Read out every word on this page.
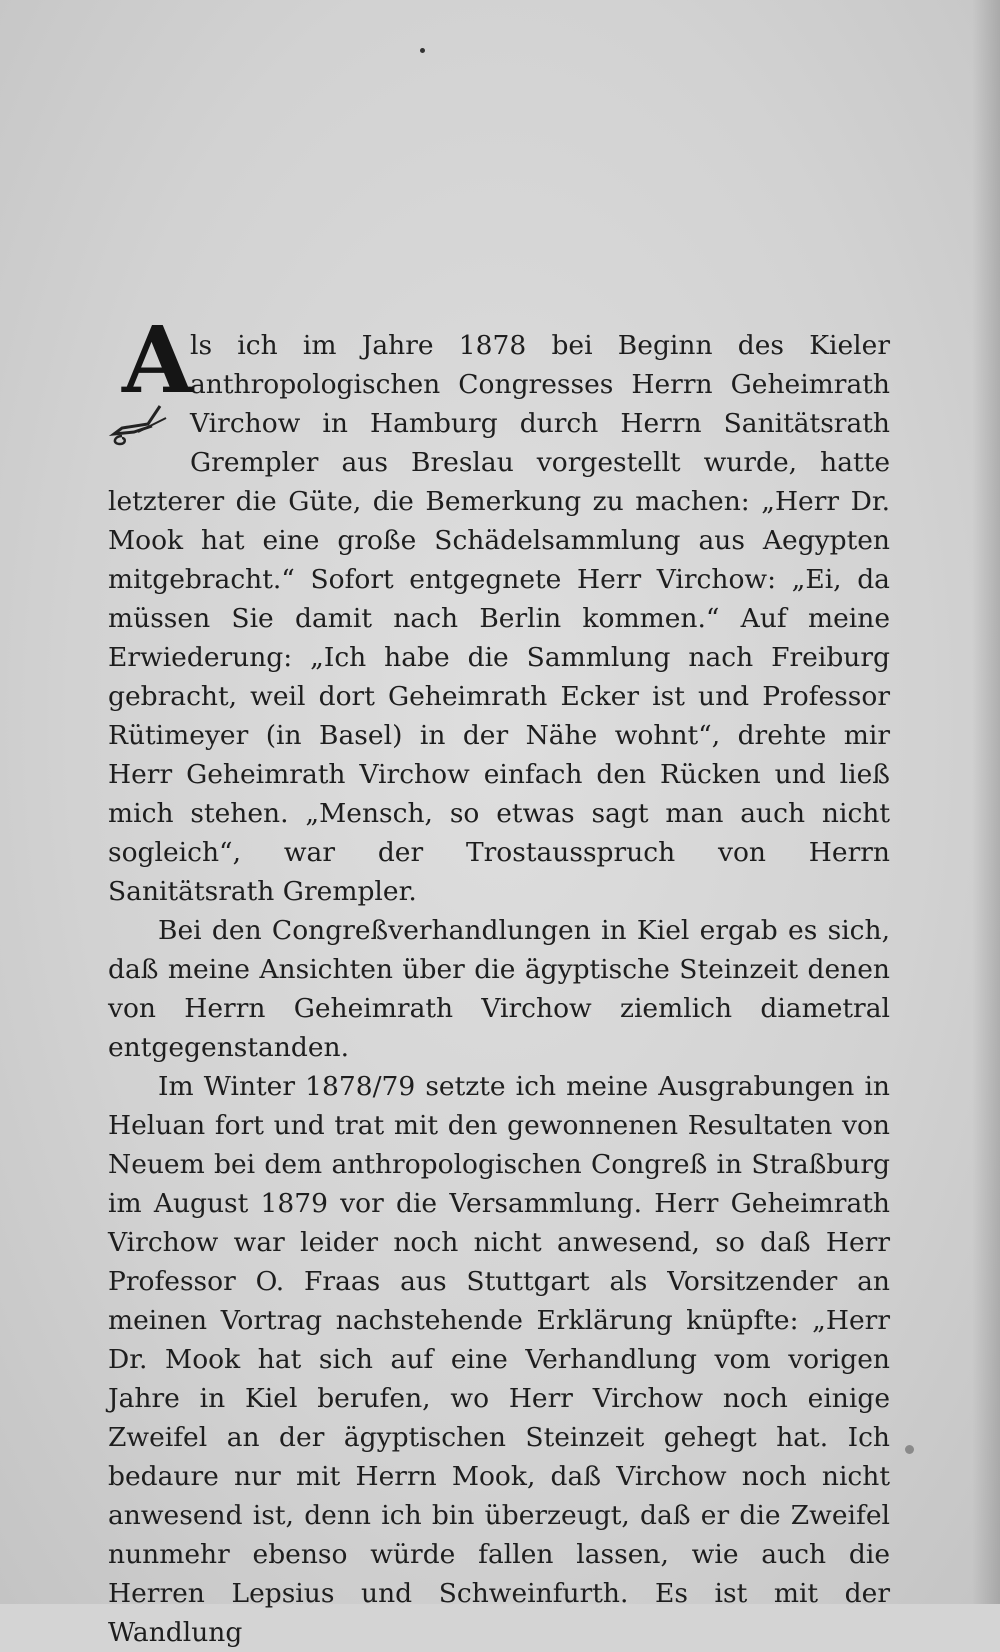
A
ls ich im Jahre 1878 bei Beginn des Kieler anthropologischen Congresses Herrn Geheimrath Virchow in Hamburg durch Herrn Sanitätsrath Grempler aus Breslau vorgestellt wurde, hatte letzterer die Güte, die Bemerkung zu machen: „Herr Dr. Mook hat eine große Schädelsammlung aus Aegypten mitgebracht.“ Sofort entgegnete Herr Virchow: „Ei, da müssen Sie damit nach Berlin kommen.“ Auf meine Erwiederung: „Ich habe die Sammlung nach Freiburg gebracht, weil dort Geheimrath Ecker ist und Professor Rütimeyer (in Basel) in der Nähe wohnt“, drehte mir Herr Geheimrath Virchow einfach den Rücken und ließ mich stehen. „Mensch, so etwas sagt man auch nicht sogleich“, war der Trostausspruch von Herrn Sanitätsrath Grempler.

Bei den Congreßverhandlungen in Kiel ergab es sich, daß meine Ansichten über die ägyptische Steinzeit denen von Herrn Geheimrath Virchow ziemlich diametral entgegenstanden.

Im Winter 1878/79 setzte ich meine Ausgrabungen in Heluan fort und trat mit den gewonnenen Resultaten von Neuem bei dem anthropologischen Congreß in Straßburg im August 1879 vor die Versammlung. Herr Geheimrath Virchow war leider noch nicht anwesend, so daß Herr Professor O. Fraas aus Stuttgart als Vorsitzender an meinen Vortrag nachstehende Erklärung knüpfte: „Herr Dr. Mook hat sich auf eine Verhandlung vom vorigen Jahre in Kiel berufen, wo Herr Virchow noch einige Zweifel an der ägyptischen Steinzeit gehegt hat. Ich bedaure nur mit Herrn Mook, daß Virchow noch nicht anwesend ist, denn ich bin überzeugt, daß er die Zweifel nunmehr ebenso würde fallen lassen, wie auch die Herren Lepsius und Schweinfurth. Es ist mit der Wandlung
